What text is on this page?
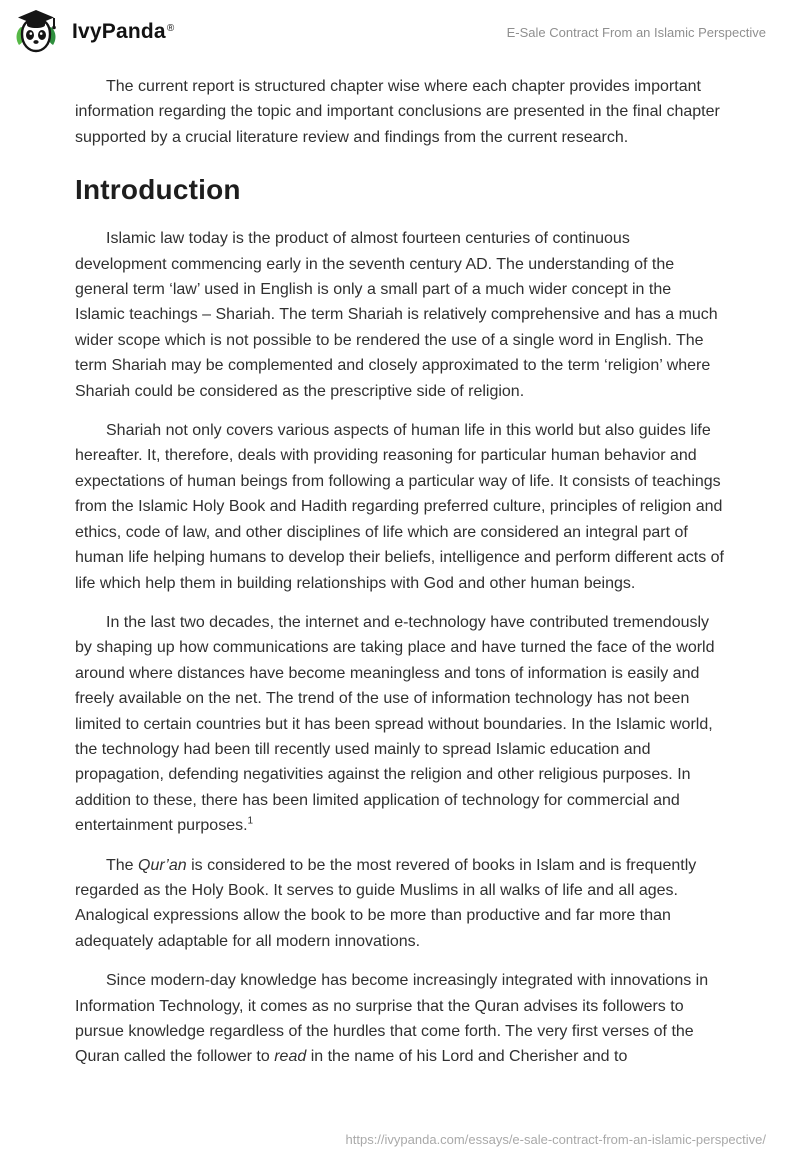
IvyPanda®	E-Sale Contract From an Islamic Perspective

The current report is structured chapter wise where each chapter provides important information regarding the topic and important conclusions are presented in the final chapter supported by a crucial literature review and findings from the current research.

Introduction

Islamic law today is the product of almost fourteen centuries of continuous development commencing early in the seventh century AD. The understanding of the general term ‘law’ used in English is only a small part of a much wider concept in the Islamic teachings – Shariah. The term Shariah is relatively comprehensive and has a much wider scope which is not possible to be rendered the use of a single word in English. The term Shariah may be complemented and closely approximated to the term ‘religion’ where Shariah could be considered as the prescriptive side of religion.

Shariah not only covers various aspects of human life in this world but also guides life hereafter. It, therefore, deals with providing reasoning for particular human behavior and expectations of human beings from following a particular way of life. It consists of teachings from the Islamic Holy Book and Hadith regarding preferred culture, principles of religion and ethics, code of law, and other disciplines of life which are considered an integral part of human life helping humans to develop their beliefs, intelligence and perform different acts of life which help them in building relationships with God and other human beings.

In the last two decades, the internet and e-technology have contributed tremendously by shaping up how communications are taking place and have turned the face of the world around where distances have become meaningless and tons of information is easily and freely available on the net. The trend of the use of information technology has not been limited to certain countries but it has been spread without boundaries. In the Islamic world, the technology had been till recently used mainly to spread Islamic education and propagation, defending negativities against the religion and other religious purposes. In addition to these, there has been limited application of technology for commercial and entertainment purposes.$^1$

The Qur’an is considered to be the most revered of books in Islam and is frequently regarded as the Holy Book. It serves to guide Muslims in all walks of life and all ages. Analogical expressions allow the book to be more than productive and far more than adequately adaptable for all modern innovations.

Since modern-day knowledge has become increasingly integrated with innovations in Information Technology, it comes as no surprise that the Quran advises its followers to pursue knowledge regardless of the hurdles that come forth. The very first verses of the Quran called the follower to read in the name of his Lord and Cherisher and to

https://ivypanda.com/essays/e-sale-contract-from-an-islamic-perspective/
